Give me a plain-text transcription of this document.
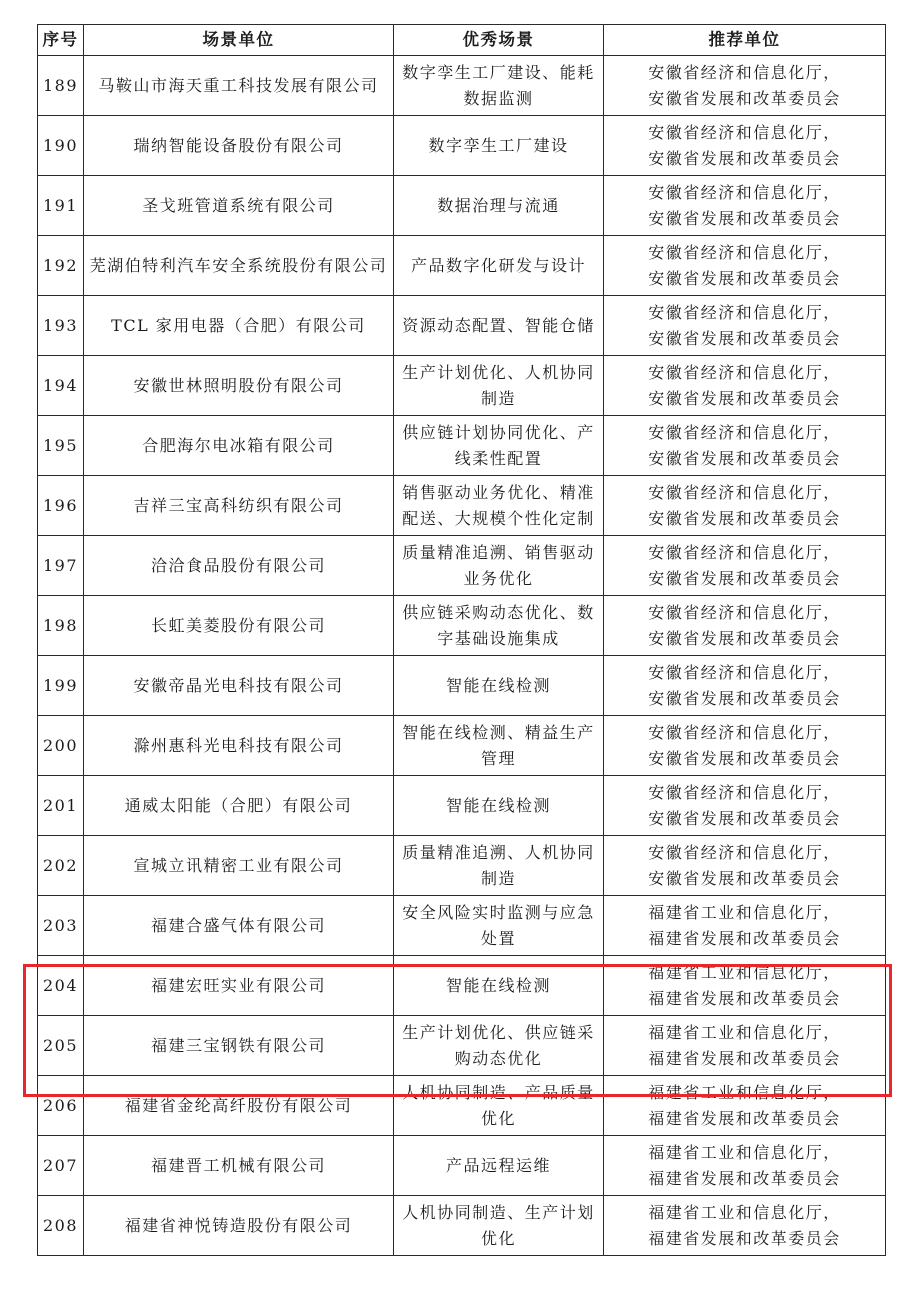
序号	场景单位	优秀场景	推荐单位
189	马鞍山市海天重工科技发展有限公司	数字孪生工厂建设、能耗数据监测	安徽省经济和信息化厅，
安徽省发展和改革委员会

190	瑞纳智能设备股份有限公司	数字孪生工厂建设	安徽省经济和信息化厅，
安徽省发展和改革委员会

191	圣戈班管道系统有限公司	数据治理与流通	安徽省经济和信息化厅，
安徽省发展和改革委员会

192	芜湖伯特利汽车安全系统股份有限公司	产品数字化研发与设计	安徽省经济和信息化厅，
安徽省发展和改革委员会

193	TCL 家用电器（合肥）有限公司	资源动态配置、智能仓储	安徽省经济和信息化厅，
安徽省发展和改革委员会

194	安徽世林照明股份有限公司	生产计划优化、人机协同制造	安徽省经济和信息化厅，
安徽省发展和改革委员会

195	合肥海尔电冰箱有限公司	供应链计划协同优化、产线柔性配置	安徽省经济和信息化厅，
安徽省发展和改革委员会

196	吉祥三宝高科纺织有限公司	销售驱动业务优化、精准配送、大规模个性化定制	安徽省经济和信息化厅，
安徽省发展和改革委员会

197	洽洽食品股份有限公司	质量精准追溯、销售驱动业务优化	安徽省经济和信息化厅，
安徽省发展和改革委员会

198	长虹美菱股份有限公司	供应链采购动态优化、数字基础设施集成	安徽省经济和信息化厅，
安徽省发展和改革委员会

199	安徽帝晶光电科技有限公司	智能在线检测	安徽省经济和信息化厅，
安徽省发展和改革委员会

200	滁州惠科光电科技有限公司	智能在线检测、精益生产管理	安徽省经济和信息化厅，
安徽省发展和改革委员会

201	通威太阳能（合肥）有限公司	智能在线检测	安徽省经济和信息化厅，
安徽省发展和改革委员会

202	宣城立讯精密工业有限公司	质量精准追溯、人机协同制造	安徽省经济和信息化厅，
安徽省发展和改革委员会

203	福建合盛气体有限公司	安全风险实时监测与应急处置	福建省工业和信息化厅，
福建省发展和改革委员会

204	福建宏旺实业有限公司	智能在线检测	福建省工业和信息化厅，
福建省发展和改革委员会

205	福建三宝钢铁有限公司	生产计划优化、供应链采购动态优化	福建省工业和信息化厅，
福建省发展和改革委员会

206	福建省金纶高纤股份有限公司	人机协同制造、产品质量优化	福建省工业和信息化厅，
福建省发展和改革委员会

207	福建晋工机械有限公司	产品远程运维	福建省工业和信息化厅，
福建省发展和改革委员会

208	福建省神悦铸造股份有限公司	人机协同制造、生产计划优化	福建省工业和信息化厅，
福建省发展和改革委员会
